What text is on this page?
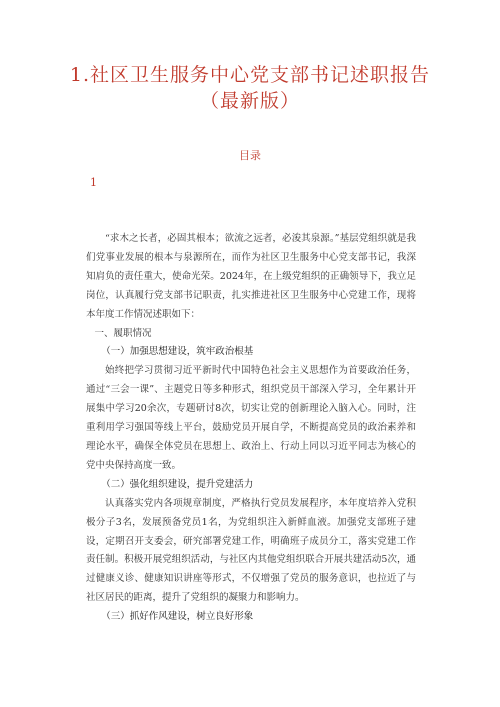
1.社区卫生服务中心党支部书记述职报告（最新版）
目录
1

“求木之长者，必固其根本；欲流之远者，必浚其泉源。”基层党组织就是我们党事业发展的根本与泉源所在，而作为社区卫生服务中心党支部书记，我深知肩负的责任重大，使命光荣。2024年，在上级党组织的正确领导下，我立足岗位，认真履行党支部书记职责，扎实推进社区卫生服务中心党建工作，现将本年度工作情况述职如下：

一、履职情况

（一）加强思想建设，筑牢政治根基

始终把学习贯彻习近平新时代中国特色社会主义思想作为首要政治任务，通过“三会一课”、主题党日等多种形式，组织党员干部深入学习，全年累计开展集中学习20余次，专题研讨8次，切实让党的创新理论入脑入心。同时，注重利用学习强国等线上平台，鼓励党员开展自学，不断提高党员的政治素养和理论水平，确保全体党员在思想上、政治上、行动上同以习近平同志为核心的党中央保持高度一致。

（二）强化组织建设，提升党建活力

认真落实党内各项规章制度，严格执行党员发展程序，本年度培养入党积极分子3名，发展预备党员1名，为党组织注入新鲜血液。加强党支部班子建设，定期召开支委会，研究部署党建工作，明确班子成员分工，落实党建工作责任制。积极开展党组织活动，与社区内其他党组织联合开展共建活动5次，通过健康义诊、健康知识讲座等形式，不仅增强了党员的服务意识，也拉近了与社区居民的距离，提升了党组织的凝聚力和影响力。

（三）抓好作风建设，树立良好形象
